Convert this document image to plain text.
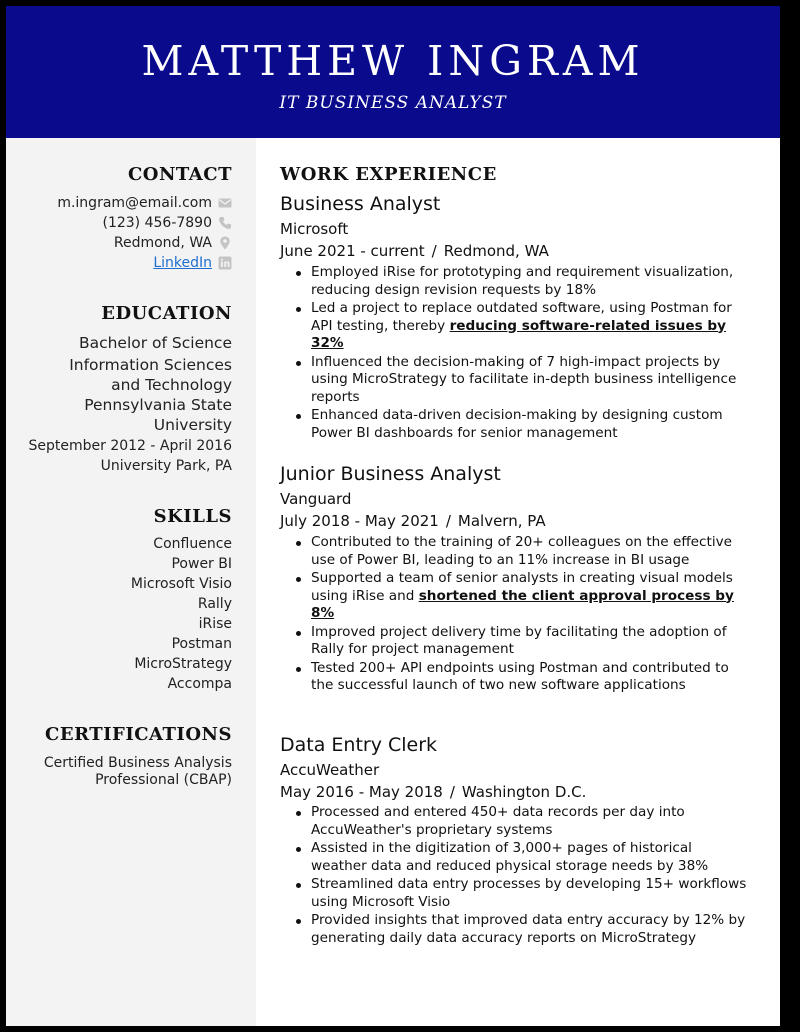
MATTHEW INGRAM
IT BUSINESS ANALYST
CONTACT
m.ingram@email.com
(123) 456-7890
Redmond, WA
LinkedIn
EDUCATION
Bachelor of Science
Information Sciences
and Technology
Pennsylvania State
University
September 2012 - April 2016
University Park, PA
SKILLS
Confluence
Power BI
Microsoft Visio
Rally
iRise
Postman
MicroStrategy
Accompa
CERTIFICATIONS
Certified Business Analysis
Professional (CBAP)
WORK EXPERIENCE
Business Analyst
Microsoft
June 2021 - current / Redmond, WA
Employed iRise for prototyping and requirement visualization, reducing design revision requests by 18%
Led a project to replace outdated software, using Postman for API testing, thereby reducing software-related issues by 32%
Influenced the decision-making of 7 high-impact projects by using MicroStrategy to facilitate in-depth business intelligence reports
Enhanced data-driven decision-making by designing custom Power BI dashboards for senior management
Junior Business Analyst
Vanguard
July 2018 - May 2021 / Malvern, PA
Contributed to the training of 20+ colleagues on the effective use of Power BI, leading to an 11% increase in BI usage
Supported a team of senior analysts in creating visual models using iRise and shortened the client approval process by 8%
Improved project delivery time by facilitating the adoption of Rally for project management
Tested 200+ API endpoints using Postman and contributed to the successful launch of two new software applications
Data Entry Clerk
AccuWeather
May 2016 - May 2018 / Washington D.C.
Processed and entered 450+ data records per day into AccuWeather's proprietary systems
Assisted in the digitization of 3,000+ pages of historical weather data and reduced physical storage needs by 38%
Streamlined data entry processes by developing 15+ workflows using Microsoft Visio
Provided insights that improved data entry accuracy by 12% by generating daily data accuracy reports on MicroStrategy
